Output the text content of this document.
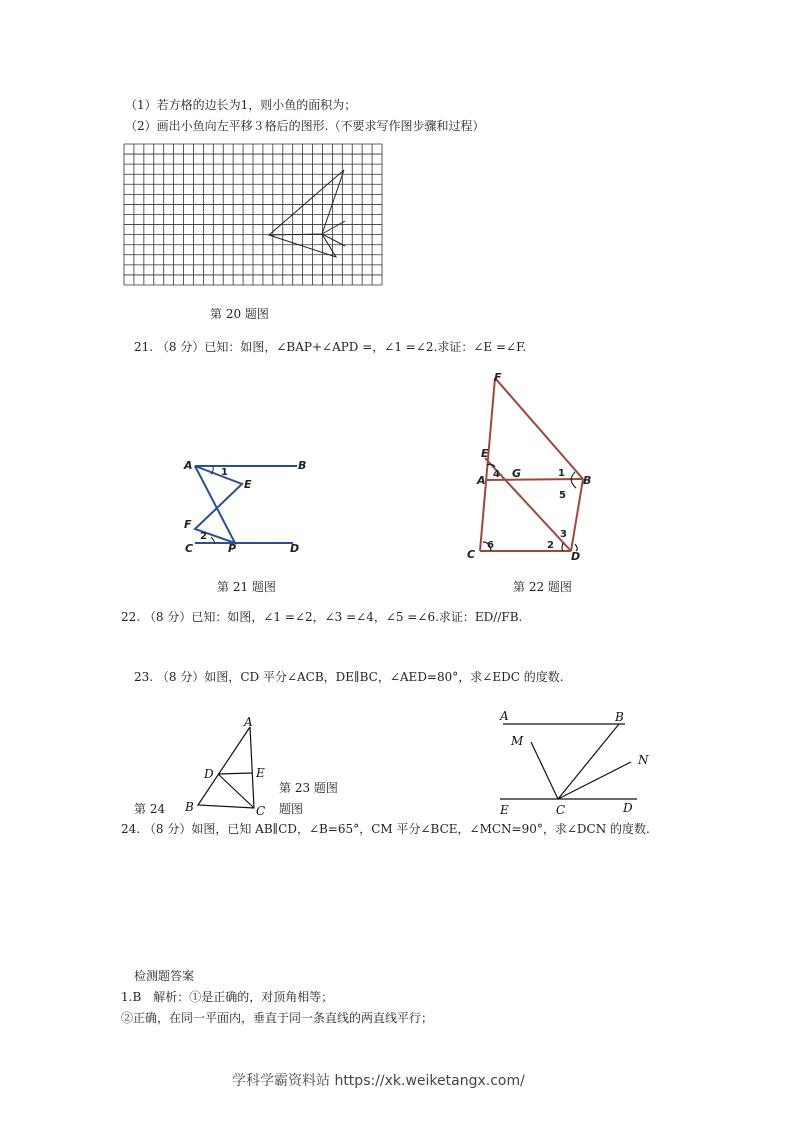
（1）若方格的边长为1，则小鱼的面积为；
（2）画出小鱼向左平移３格后的图形.（不要求写作图步骤和过程）
第 20 题图
21. （8 分）已知：如图，∠BAP+∠APD =，∠1 =∠2.求证：∠E =∠F.
A	B
E
F
C	P	D
1
2
F
E
A
G
B
C	D
1
2
3
4
5
6
第 21 题图	第 22 题图
22. （8 分）已知：如图，∠1 =∠2，∠3 =∠4，∠5 =∠6.求证：ED//FB.
23. （8 分）如图，CD 平分∠ACB，DE∥BC，∠AED=80°，求∠EDC 的度数.
A
D	E
B	C
第 23 题图
第 24	题图
A	B
M
N
E	C	D
24. （8 分）如图，已知 AB∥CD，∠B=65°，CM 平分∠BCE，∠MCN=90°，求∠DCN 的度数.
检测题答案
1.B　解析：①是正确的，对顶角相等；
②正确，在同一平面内，垂直于同一条直线的两直线平行；
学科学霸资料站 https://xk.weiketangx.com/
